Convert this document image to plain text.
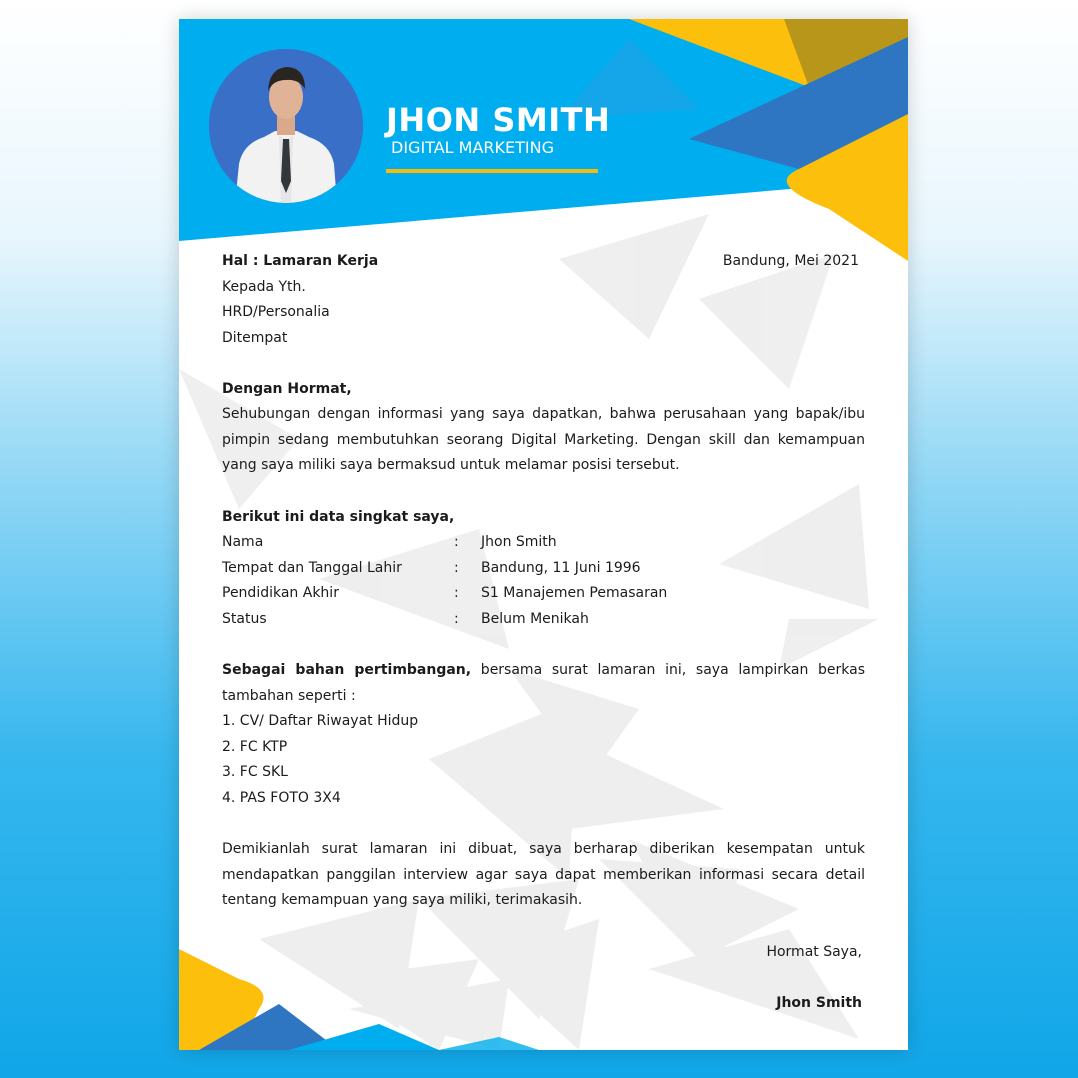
JHON SMITH
DIGITAL MARKETING
Hal : Lamaran Kerja	Bandung, Mei 2021
Kepada Yth.
HRD/Personalia
Ditempat
Dengan Hormat,
Sehubungan dengan informasi yang saya dapatkan, bahwa perusahaan yang bapak/ibu pimpin sedang membutuhkan seorang Digital Marketing. Dengan skill dan kemampuan yang saya miliki saya bermaksud untuk melamar posisi tersebut.
Berikut ini data singkat saya,
Nama	: Jhon Smith
Tempat dan Tanggal Lahir	: Bandung, 11 Juni 1996
Pendidikan Akhir	: S1 Manajemen Pemasaran
Status	: Belum Menikah
Sebagai bahan pertimbangan, bersama surat lamaran ini, saya lampirkan berkas tambahan seperti :
1. CV/ Daftar Riwayat Hidup
2. FC KTP
3. FC SKL
4. PAS FOTO 3X4
Demikianlah surat lamaran ini dibuat, saya berharap diberikan kesempatan untuk mendapatkan panggilan interview agar saya dapat memberikan informasi secara detail tentang kemampuan yang saya miliki, terimakasih.
Hormat Saya,
Jhon Smith
